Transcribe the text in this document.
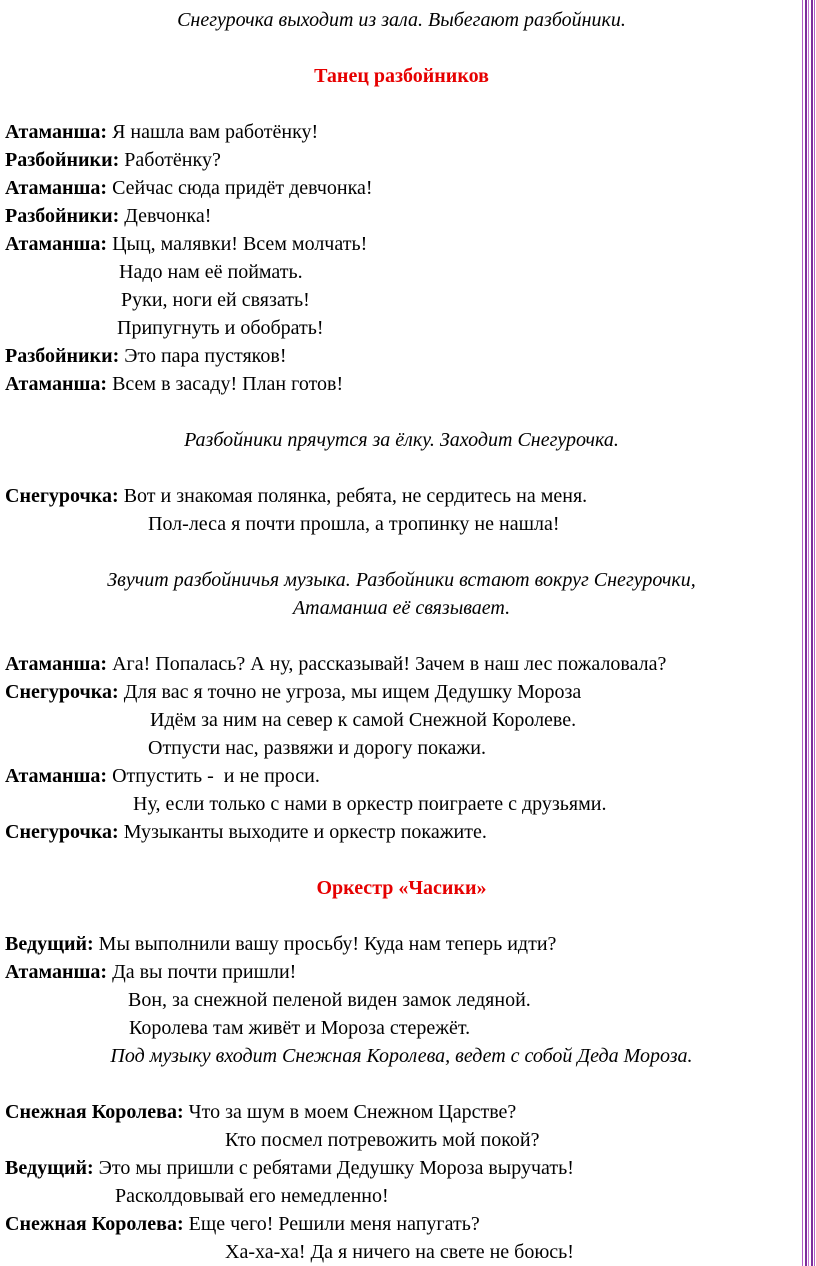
Снегурочка выходит из зала. Выбегают разбойники.

Танец разбойников

Атаманша: Я нашла вам работёнку!
Разбойники: Работёнку?
Атаманша: Сейчас сюда придёт девчонка!
Разбойники: Девчонка!
Атаманша: Цыц, малявки! Всем молчать!
Надо нам её поймать.
Руки, ноги ей связать!
Припугнуть и обобрать!
Разбойники: Это пара пустяков!
Атаманша: Всем в засаду! План готов!

Разбойники прячутся за ёлку. Заходит Снегурочка.

Снегурочка: Вот и знакомая полянка, ребята, не сердитесь на меня.
Пол-леса я почти прошла, а тропинку не нашла!

Звучит разбойничья музыка. Разбойники встают вокруг Снегурочки,
Атаманша её связывает.

Атаманша: Ага! Попалась? А ну, рассказывай! Зачем в наш лес пожаловала?
Снегурочка: Для вас я точно не угроза, мы ищем Дедушку Мороза
Идём за ним на север к самой Снежной Королеве.
Отпусти нас, развяжи и дорогу покажи.
Атаманша: Отпустить -  и не проси.
Ну, если только с нами в оркестр поиграете с друзьями.
Снегурочка: Музыканты выходите и оркестр покажите.

Оркестр «Часики»

Ведущий: Мы выполнили вашу просьбу! Куда нам теперь идти?
Атаманша: Да вы почти пришли!
Вон, за снежной пеленой виден замок ледяной.
Королева там живёт и Мороза стережёт.
Под музыку входит Снежная Королева, ведет с собой Деда Мороза.

Снежная Королева: Что за шум в моем Снежном Царстве?
Кто посмел потревожить мой покой?
Ведущий: Это мы пришли с ребятами Дедушку Мороза выручать!
Расколдовывай его немедленно!
Снежная Королева: Еще чего! Решили меня напугать?
Ха-ха-ха! Да я ничего на свете не боюсь!
